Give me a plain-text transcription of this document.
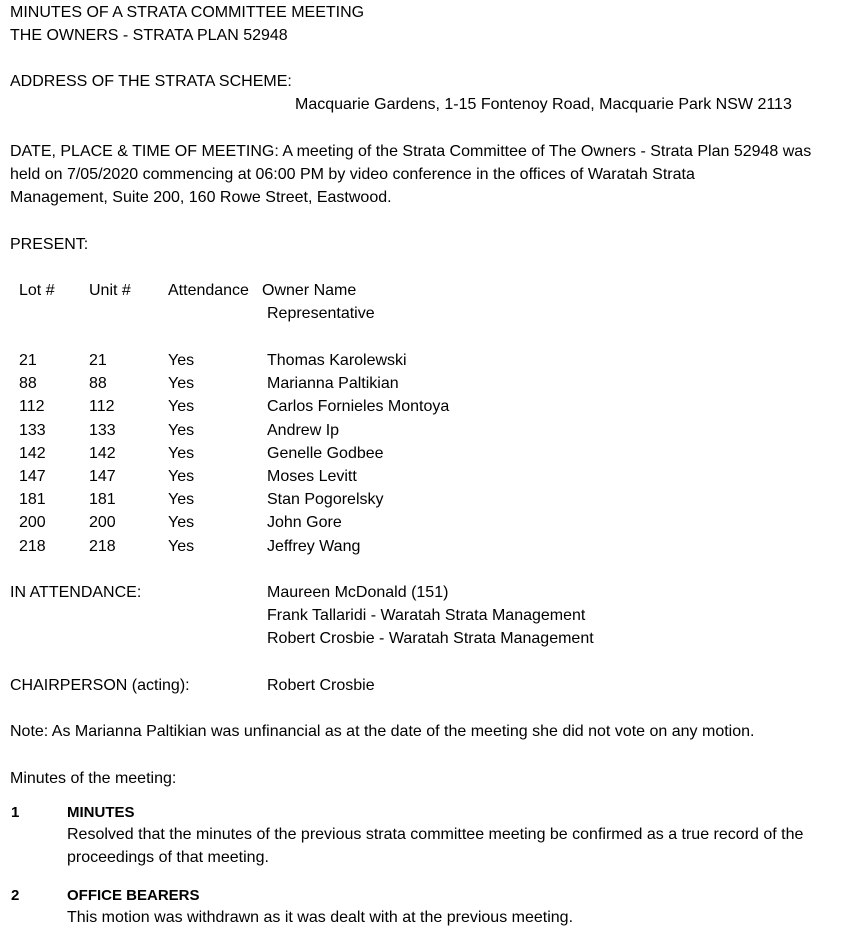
MINUTES OF A STRATA COMMITTEE MEETING
THE OWNERS - STRATA PLAN 52948
ADDRESS OF THE STRATA SCHEME:
Macquarie Gardens, 1-15 Fontenoy Road, Macquarie Park NSW 2113
DATE, PLACE & TIME OF MEETING: A meeting of the Strata Committee of The Owners - Strata Plan 52948 was
held on 7/05/2020 commencing at 06:00 PM by video conference in the offices of Waratah Strata
Management, Suite 200, 160 Rowe Street, Eastwood.
PRESENT:
Lot # Unit # Attendance Owner Name
Representative
21	21	Yes	Thomas Karolewski
88	88	Yes	Marianna Paltikian
112	112	Yes	Carlos Fornieles Montoya
133	133	Yes	Andrew Ip
142	142	Yes	Genelle Godbee
147	147	Yes	Moses Levitt
181	181	Yes	Stan Pogorelsky
200	200	Yes	John Gore
218	218	Yes	Jeffrey Wang
IN ATTENDANCE:	Maureen McDonald (151)
Frank Tallaridi - Waratah Strata Management
Robert Crosbie - Waratah Strata Management
CHAIRPERSON (acting):	Robert Crosbie
Note: As Marianna Paltikian was unfinancial as at the date of the meeting she did not vote on any motion.
Minutes of the meeting:
1	MINUTES
Resolved that the minutes of the previous strata committee meeting be confirmed as a true record of the proceedings of that meeting.
2	OFFICE BEARERS
This motion was withdrawn as it was dealt with at the previous meeting.
